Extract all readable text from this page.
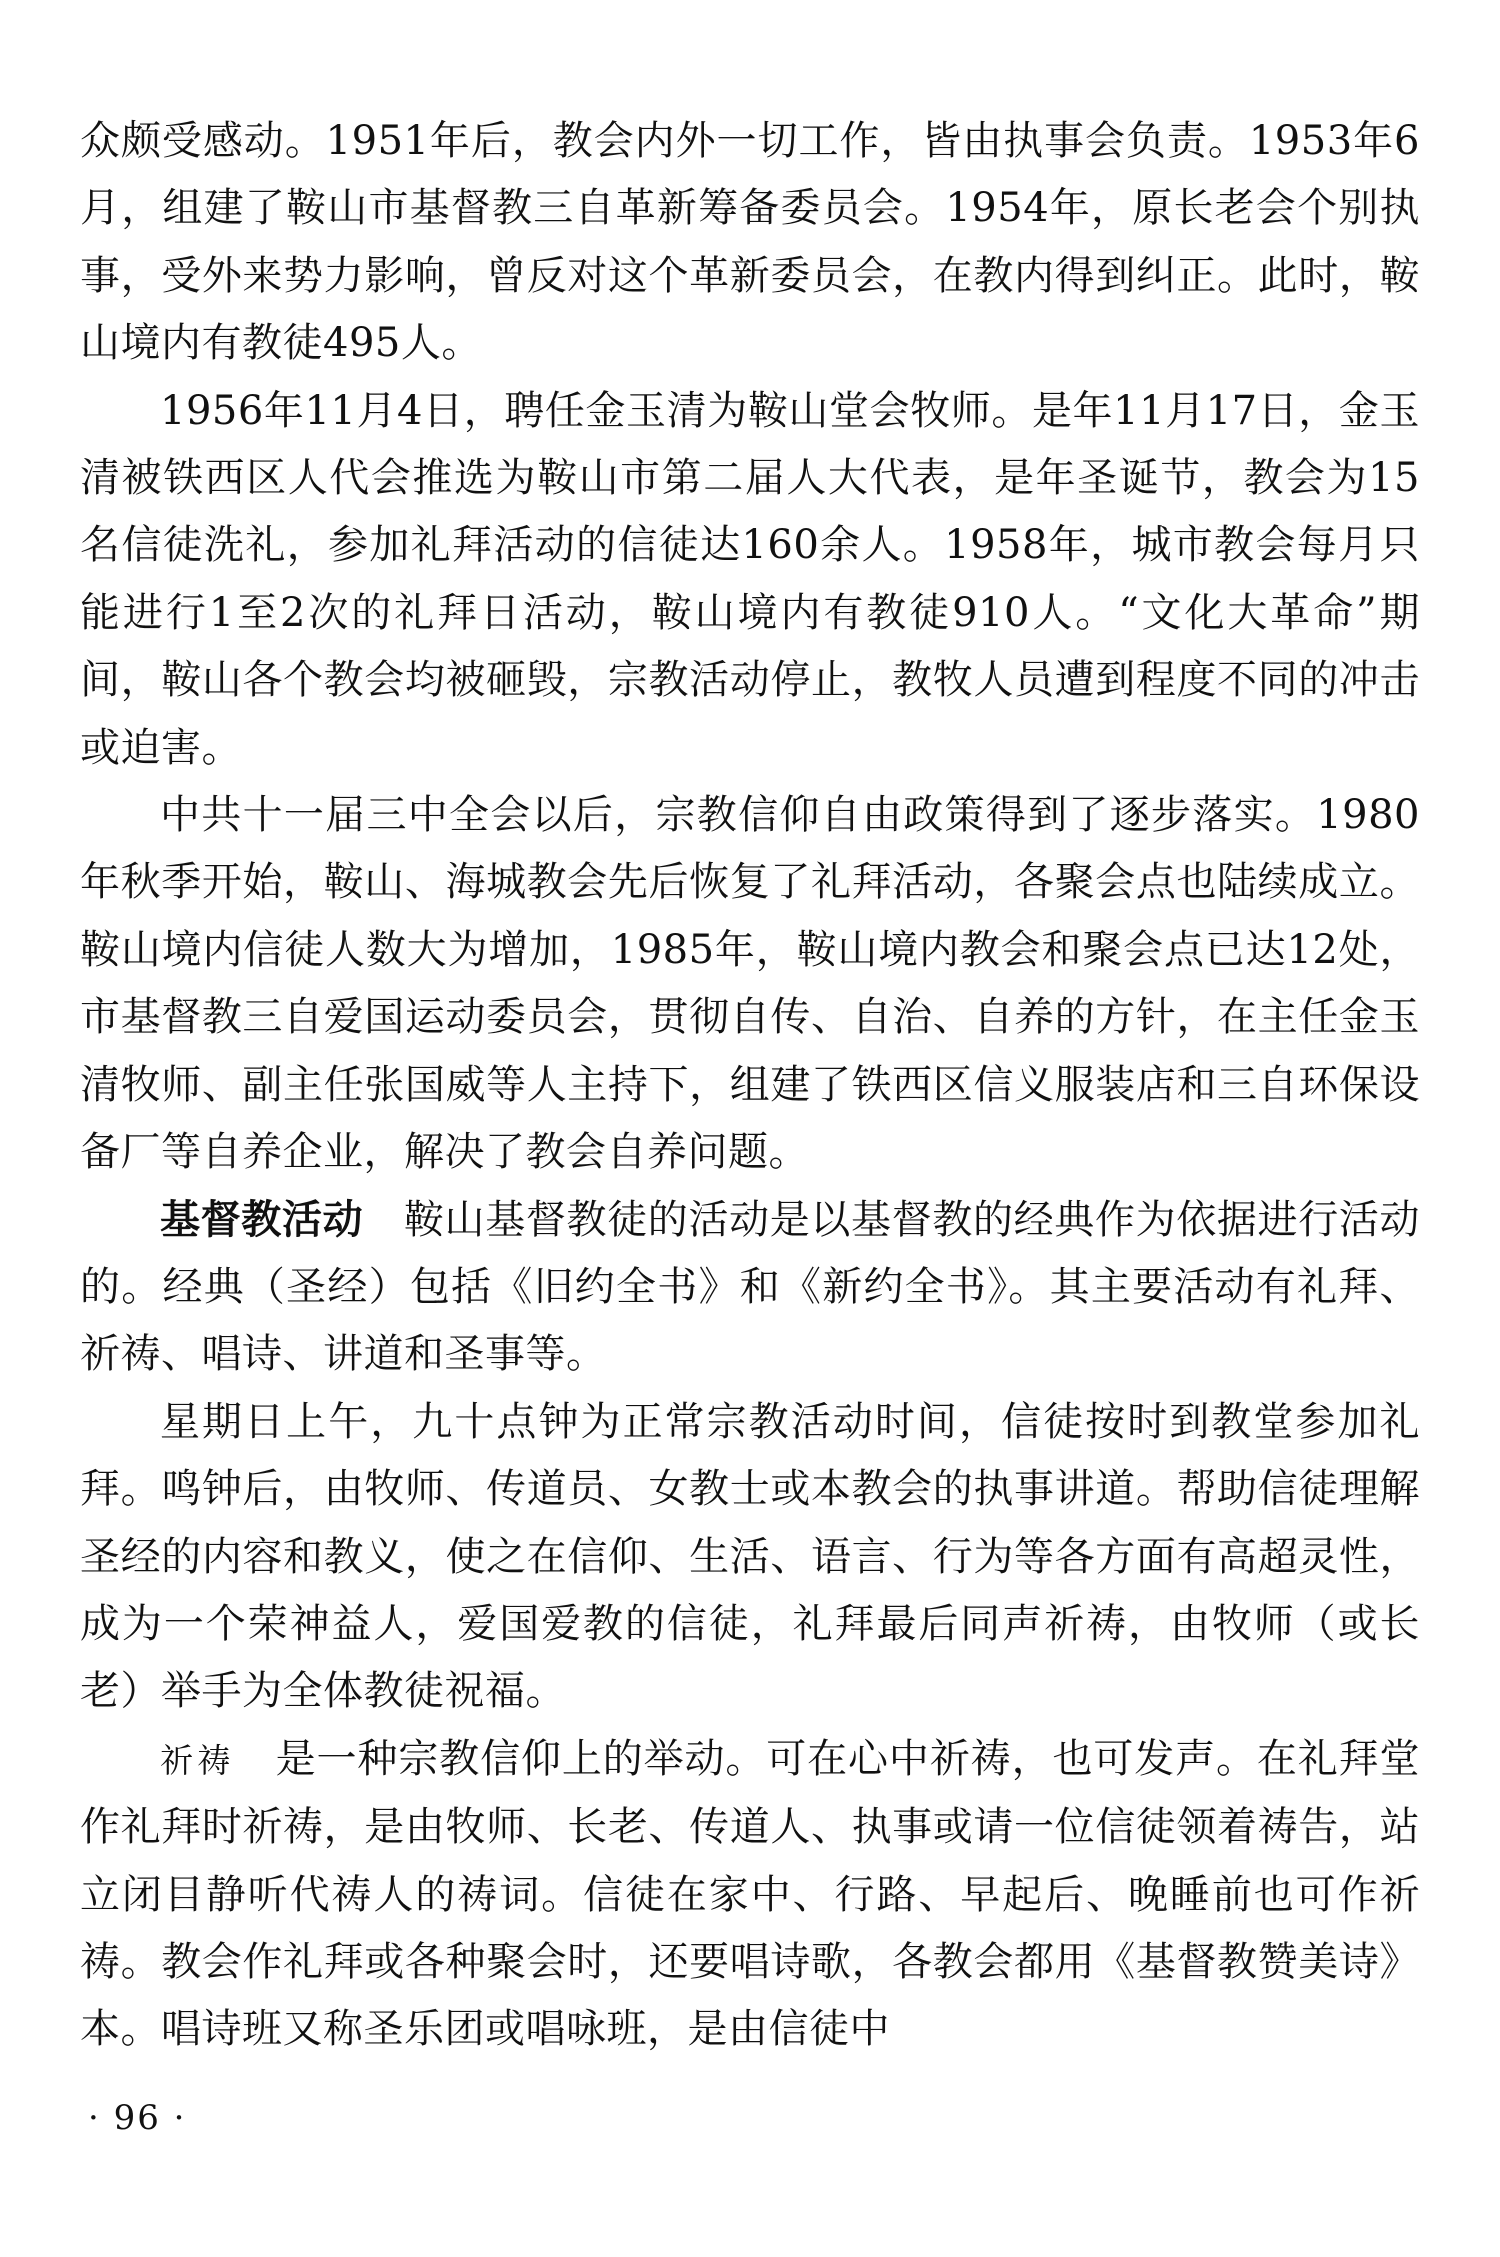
众颇受感动。1951年后，教会内外一切工作，皆由执事会负责。1953年6月，组建了鞍山市基督教三自革新筹备委员会。1954年，原长老会个别执事，受外来势力影响，曾反对这个革新委员会，在教内得到纠正。此时，鞍山境内有教徒495人。

1956年11月4日，聘任金玉清为鞍山堂会牧师。是年11月17日，金玉清被铁西区人代会推选为鞍山市第二届人大代表，是年圣诞节，教会为15名信徒洗礼，参加礼拜活动的信徒达160余人。1958年，城市教会每月只能进行1至2次的礼拜日活动，鞍山境内有教徒910人。“文化大革命”期间，鞍山各个教会均被砸毁，宗教活动停止，教牧人员遭到程度不同的冲击或迫害。

中共十一届三中全会以后，宗教信仰自由政策得到了逐步落实。1980年秋季开始，鞍山、海城教会先后恢复了礼拜活动，各聚会点也陆续成立。鞍山境内信徒人数大为增加，1985年，鞍山境内教会和聚会点已达12处，市基督教三自爱国运动委员会，贯彻自传、自治、自养的方针，在主任金玉清牧师、副主任张国威等人主持下，组建了铁西区信义服装店和三自环保设备厂等自养企业，解决了教会自养问题。

基督教活动　鞍山基督教徒的活动是以基督教的经典作为依据进行活动的。经典（圣经）包括《旧约全书》和《新约全书》。其主要活动有礼拜、祈祷、唱诗、讲道和圣事等。

星期日上午，九十点钟为正常宗教活动时间，信徒按时到教堂参加礼拜。鸣钟后，由牧师、传道员、女教士或本教会的执事讲道。帮助信徒理解圣经的内容和教义，使之在信仰、生活、语言、行为等各方面有高超灵性，成为一个荣神益人，爱国爱教的信徒，礼拜最后同声祈祷，由牧师（或长老）举手为全体教徒祝福。

祈祷　是一种宗教信仰上的举动。可在心中祈祷，也可发声。在礼拜堂作礼拜时祈祷，是由牧师、长老、传道人、执事或请一位信徒领着祷告，站立闭目静听代祷人的祷词。信徒在家中、行路、早起后、晚睡前也可作祈祷。教会作礼拜或各种聚会时，还要唱诗歌，各教会都用《基督教赞美诗》本。唱诗班又称圣乐团或唱咏班，是由信徒中

· 96 ·
